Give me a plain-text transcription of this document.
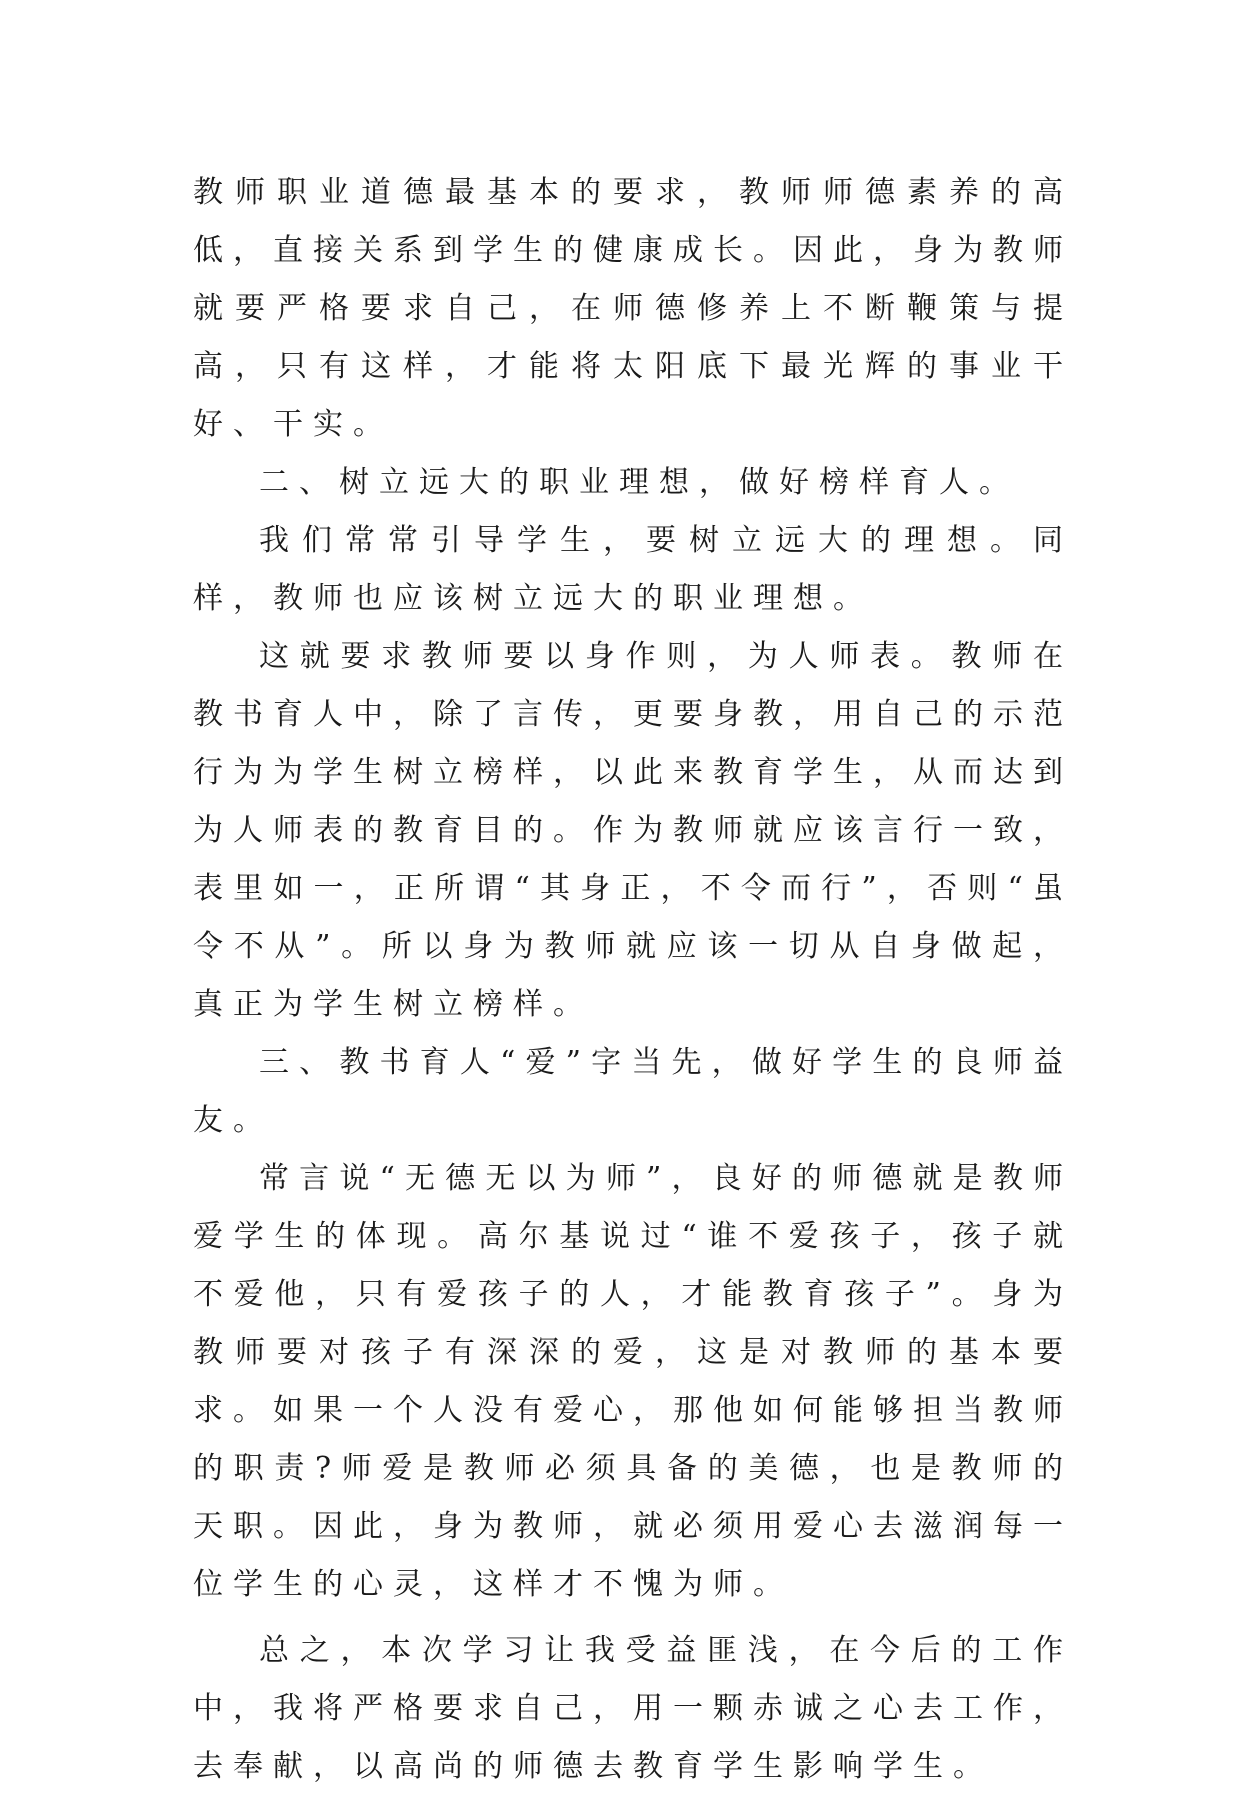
教师职业道德最基本的要求，教师师德素养的高低，直接关系到学生的健康成长。因此，身为教师就要严格要求自己，在师德修养上不断鞭策与提高，只有这样，才能将太阳底下最光辉的事业干好、干实。

二、树立远大的职业理想，做好榜样育人。

我们常常引导学生，要树立远大的理想。同样，教师也应该树立远大的职业理想。

这就要求教师要以身作则，为人师表。教师在教书育人中，除了言传，更要身教，用自己的示范行为为学生树立榜样，以此来教育学生，从而达到为人师表的教育目的。作为教师就应该言行一致，表里如一，正所谓“其身正，不令而行”，否则“虽令不从”。所以身为教师就应该一切从自身做起，真正为学生树立榜样。

三、教书育人“爱”字当先，做好学生的良师益友。

常言说“无德无以为师”，良好的师德就是教师爱学生的体现。高尔基说过“谁不爱孩子，孩子就不爱他，只有爱孩子的人，才能教育孩子”。身为教师要对孩子有深深的爱，这是对教师的基本要求。如果一个人没有爱心，那他如何能够担当教师的职责?师爱是教师必须具备的美德，也是教师的天职。因此，身为教师，就必须用爱心去滋润每一位学生的心灵，这样才不愧为师。

总之，本次学习让我受益匪浅，在今后的工作中，我将严格要求自己，用一颗赤诚之心去工作，去奉献，以高尚的师德去教育学生影响学生。
